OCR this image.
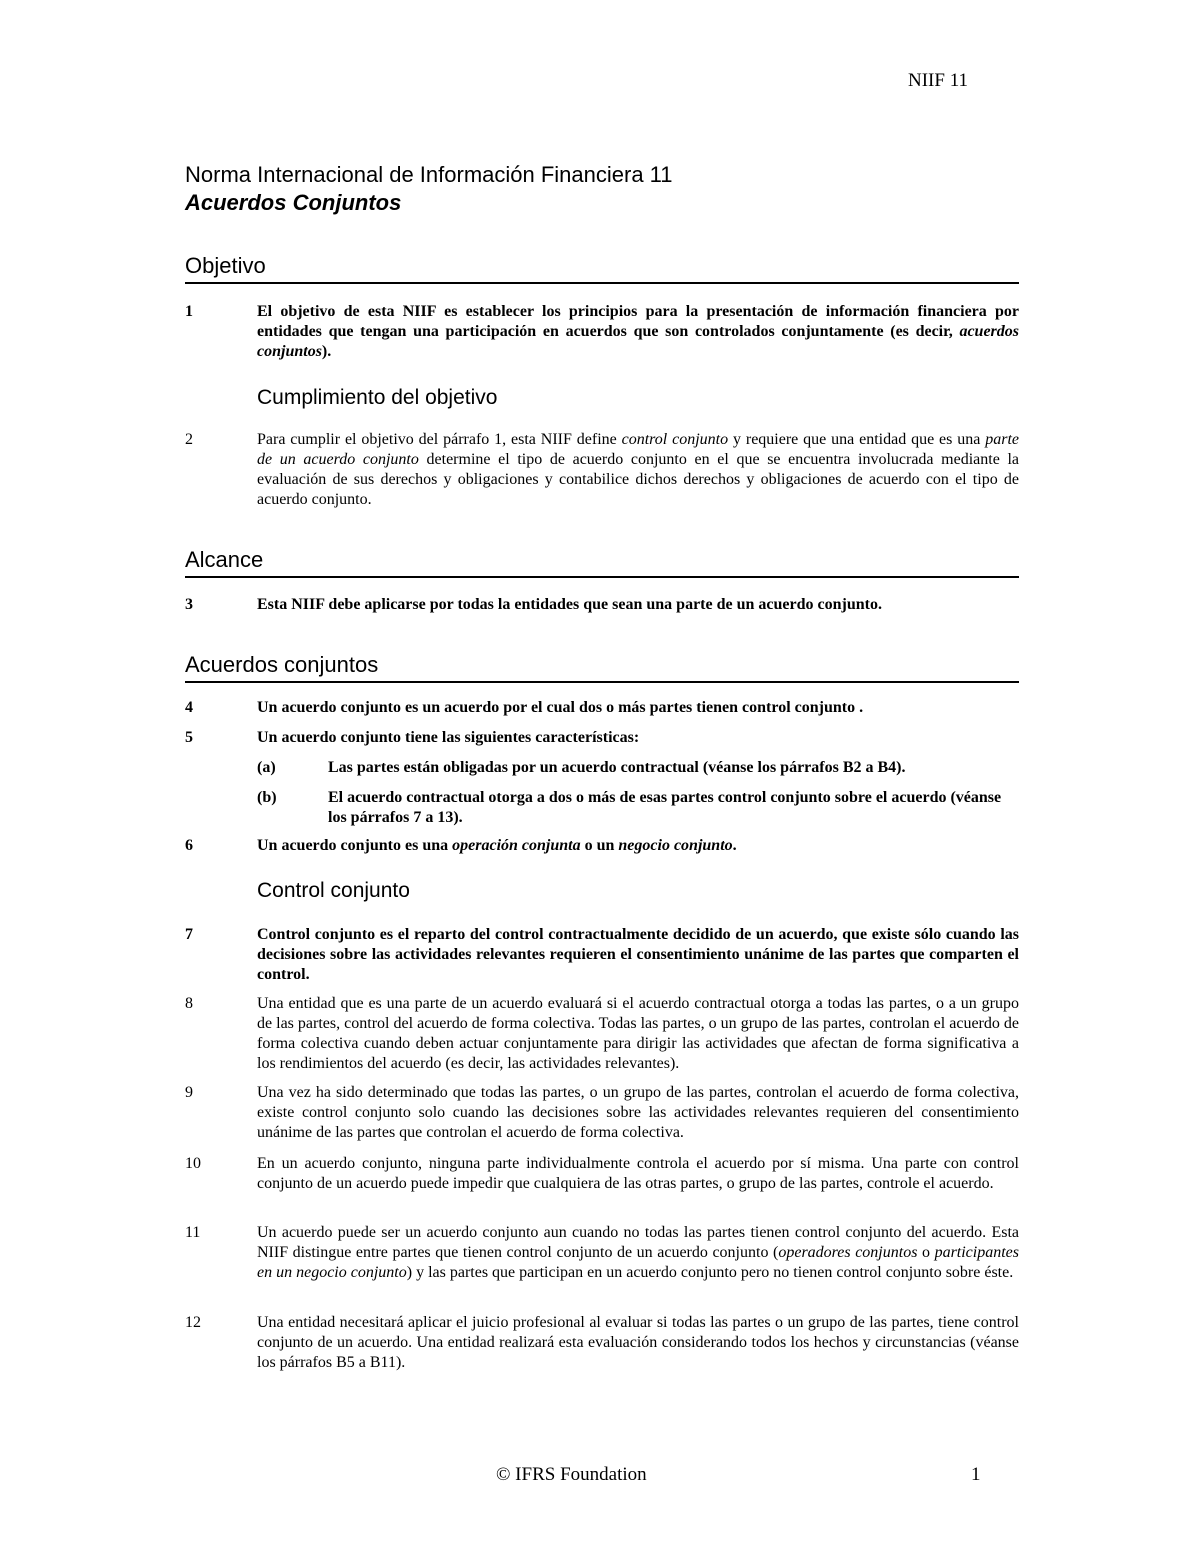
NIIF 11
Norma Internacional de Información Financiera 11
Acuerdos Conjuntos
Objetivo
1	El objetivo de esta NIIF es establecer los principios para la presentación de información financiera por entidades que tengan una participación en acuerdos que son controlados conjuntamente (es decir, acuerdos conjuntos).
Cumplimiento del objetivo
2	Para cumplir el objetivo del párrafo 1, esta NIIF define control conjunto y requiere que una entidad que es una parte de un acuerdo conjunto determine el tipo de acuerdo conjunto en el que se encuentra involucrada mediante la evaluación de sus derechos y obligaciones y contabilice dichos derechos y obligaciones de acuerdo con el tipo de acuerdo conjunto.
Alcance
3	Esta NIIF debe aplicarse por todas la entidades que sean una parte de un acuerdo conjunto.
Acuerdos conjuntos
4	Un acuerdo conjunto es un acuerdo por el cual dos o más partes tienen control conjunto .
5	Un acuerdo conjunto tiene las siguientes características:
(a)	Las partes están obligadas por un acuerdo contractual (véanse los párrafos B2 a B4).
(b)	El acuerdo contractual otorga a dos o más de esas partes control conjunto sobre el acuerdo (véanse los párrafos 7 a 13).
6	Un acuerdo conjunto es una operación conjunta o un negocio conjunto.
Control conjunto
7	Control conjunto es el reparto del control contractualmente decidido de un acuerdo, que existe sólo cuando las decisiones sobre las actividades relevantes requieren el consentimiento unánime de las partes que comparten el control.
8	Una entidad que es una parte de un acuerdo evaluará si el acuerdo contractual otorga a todas las partes, o a un grupo de las partes, control del acuerdo de forma colectiva. Todas las partes, o un grupo de las partes, controlan el acuerdo de forma colectiva cuando deben actuar conjuntamente para dirigir las actividades que afectan de forma significativa a los rendimientos del acuerdo (es decir, las actividades relevantes).
9	Una vez ha sido determinado que todas las partes, o un grupo de las partes, controlan el acuerdo de forma colectiva, existe control conjunto solo cuando las decisiones sobre las actividades relevantes requieren del consentimiento unánime de las partes que controlan el acuerdo de forma colectiva.
10	En un acuerdo conjunto, ninguna parte individualmente controla el acuerdo por sí misma. Una parte con control conjunto de un acuerdo puede impedir que cualquiera de las otras partes, o grupo de las partes, controle el acuerdo.
11	Un acuerdo puede ser un acuerdo conjunto aun cuando no todas las partes tienen control conjunto del acuerdo. Esta NIIF distingue entre partes que tienen control conjunto de un acuerdo conjunto (operadores conjuntos o participantes en un negocio conjunto) y las partes que participan en un acuerdo conjunto pero no tienen control conjunto sobre éste.
12	Una entidad necesitará aplicar el juicio profesional al evaluar si todas las partes o un grupo de las partes, tiene control conjunto de un acuerdo. Una entidad realizará esta evaluación considerando todos los hechos y circunstancias (véanse los párrafos B5 a B11).
© IFRS Foundation	1
